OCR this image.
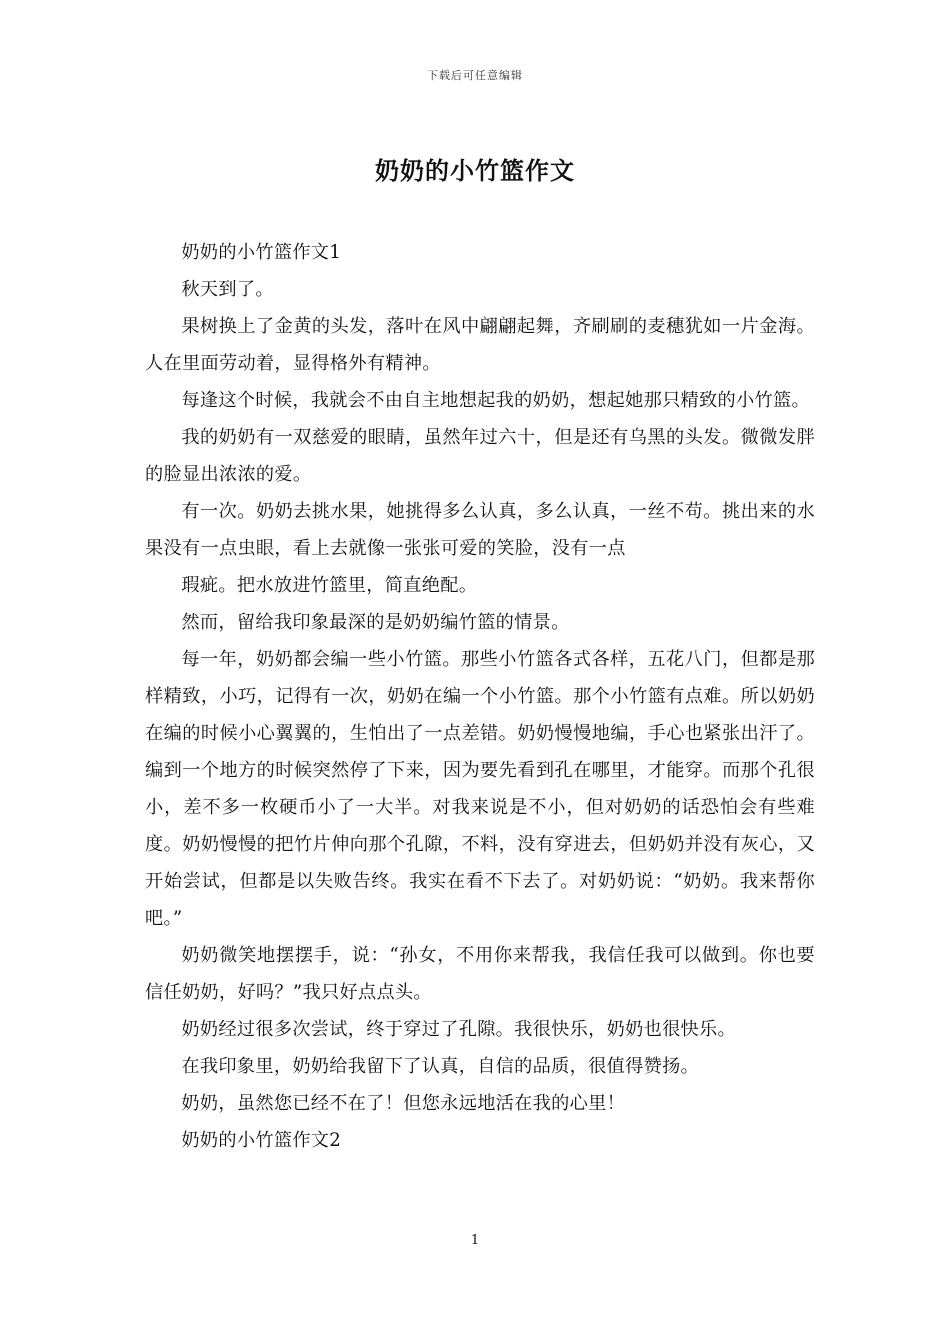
下载后可任意编辑
奶奶的小竹篮作文

奶奶的小竹篮作文1

秋天到了。

果树换上了金黄的头发，落叶在风中翩翩起舞，齐刷刷的麦穗犹如一片金海。人在里面劳动着，显得格外有精神。

每逢这个时候，我就会不由自主地想起我的奶奶，想起她那只精致的小竹篮。

我的奶奶有一双慈爱的眼睛，虽然年过六十，但是还有乌黑的头发。微微发胖的脸显出浓浓的爱。

有一次。奶奶去挑水果，她挑得多么认真，多么认真，一丝不苟。挑出来的水果没有一点虫眼，看上去就像一张张可爱的笑脸，没有一点

瑕疵。把水放进竹篮里，简直绝配。

然而，留给我印象最深的是奶奶编竹篮的情景。

每一年，奶奶都会编一些小竹篮。那些小竹篮各式各样，五花八门，但都是那样精致，小巧，记得有一次，奶奶在编一个小竹篮。那个小竹篮有点难。所以奶奶在编的时候小心翼翼的，生怕出了一点差错。奶奶慢慢地编，手心也紧张出汗了。编到一个地方的时候突然停了下来，因为要先看到孔在哪里，才能穿。而那个孔很小，差不多一枚硬币小了一大半。对我来说是不小，但对奶奶的话恐怕会有些难度。奶奶慢慢的把竹片伸向那个孔隙，不料，没有穿进去，但奶奶并没有灰心，又开始尝试，但都是以失败告终。我实在看不下去了。对奶奶说：“奶奶。我来帮你吧。”

奶奶微笑地摆摆手，说：“孙女，不用你来帮我，我信任我可以做到。你也要信任奶奶，好吗？”我只好点点头。

奶奶经过很多次尝试，终于穿过了孔隙。我很快乐，奶奶也很快乐。

在我印象里，奶奶给我留下了认真，自信的品质，很值得赞扬。

奶奶，虽然您已经不在了！但您永远地活在我的心里！

奶奶的小竹篮作文2

1
